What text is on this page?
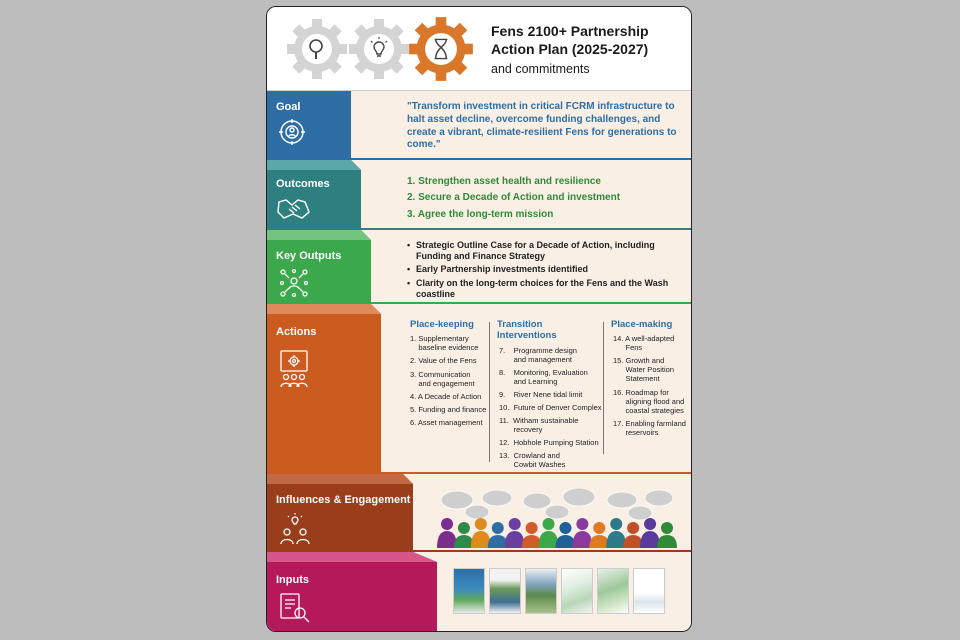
Fens 2100+ Partnership
Action Plan (2025-2027)
and commitments
Goal	"Transform investment in critical FCRM infrastructure to halt asset decline, overcome funding challenges, and create a vibrant, climate-resilient Fens for generations to come."
Outcomes	1. Strengthen asset health and resilience
2. Secure a Decade of Action and investment
3. Agree the long-term mission
Key Outputs
• Strategic Outline Case for a Decade of Action, including Funding and Finance Strategy
• Early Partnership investments identified
• Clarity on the long-term choices for the Fens and the Wash coastline
Actions
Place-keeping Transition
Interventions
Place-making
1. Supplementary
baseline evidence
2. Value of the Fens
3. Communication
and engagement
4. A Decade of Action
5. Funding and finance
6. Asset management
7.    Programme design
and management
8.    Monitoring, Evaluation
and Learning
9.    River Nene tidal limit
10.  Future of Denver Complex
11.  Witham sustainable
recovery
12.  Hobhole Pumping Station
13.  Crowland and
Cowbit Washes
14. A well-adapted
Fens
15. Growth and
Water Position
Statement
16. Roadmap for
aligning flood and
coastal strategies
17. Enabling farmland
reservoirs
Influences & Engagement
Inputs
